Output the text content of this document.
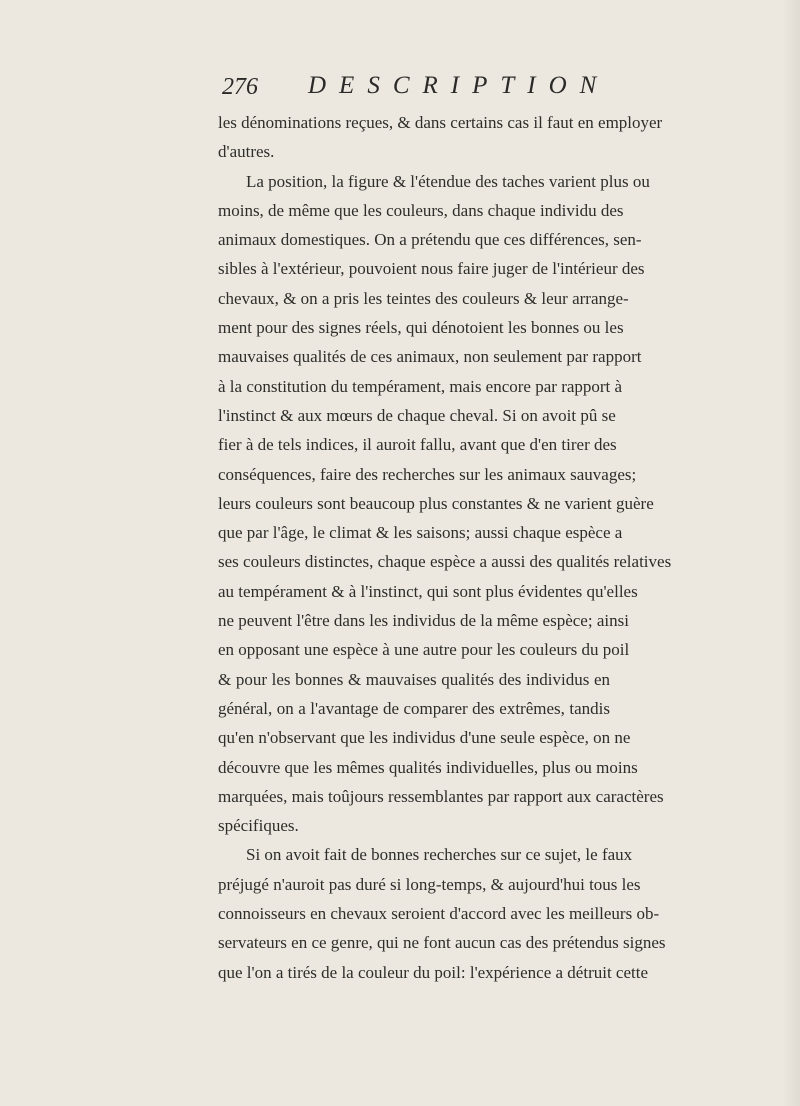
276 DESCRIPTION
les dénominations reçues, & dans certains cas il faut en employer
d'autres.
La position, la figure & l'étendue des taches varient plus ou
moins, de même que les couleurs, dans chaque individu des
animaux domestiques. On a prétendu que ces différences, sen-
sibles à l'extérieur, pouvoient nous faire juger de l'intérieur des
chevaux, & on a pris les teintes des couleurs & leur arrange-
ment pour des signes réels, qui dénotoient les bonnes ou les
mauvaises qualités de ces animaux, non seulement par rapport
à la constitution du tempérament, mais encore par rapport à
l'instinct & aux mœurs de chaque cheval. Si on avoit pû se
fier à de tels indices, il auroit fallu, avant que d'en tirer des
conséquences, faire des recherches sur les animaux sauvages;
leurs couleurs sont beaucoup plus constantes & ne varient guère
que par l'âge, le climat & les saisons; aussi chaque espèce a
ses couleurs distinctes, chaque espèce a aussi des qualités relatives
au tempérament & à l'instinct, qui sont plus évidentes qu'elles
ne peuvent l'être dans les individus de la même espèce; ainsi
en opposant une espèce à une autre pour les couleurs du poil
& pour les bonnes & mauvaises qualités des individus en
général, on a l'avantage de comparer des extrêmes, tandis
qu'en n'observant que les individus d'une seule espèce, on ne
découvre que les mêmes qualités individuelles, plus ou moins
marquées, mais toûjours ressemblantes par rapport aux caractères
spécifiques.
Si on avoit fait de bonnes recherches sur ce sujet, le faux
préjugé n'auroit pas duré si long-temps, & aujourd'hui tous les
connoisseurs en chevaux seroient d'accord avec les meilleurs ob-
servateurs en ce genre, qui ne font aucun cas des prétendus signes
que l'on a tirés de la couleur du poil: l'expérience a détruit cette
